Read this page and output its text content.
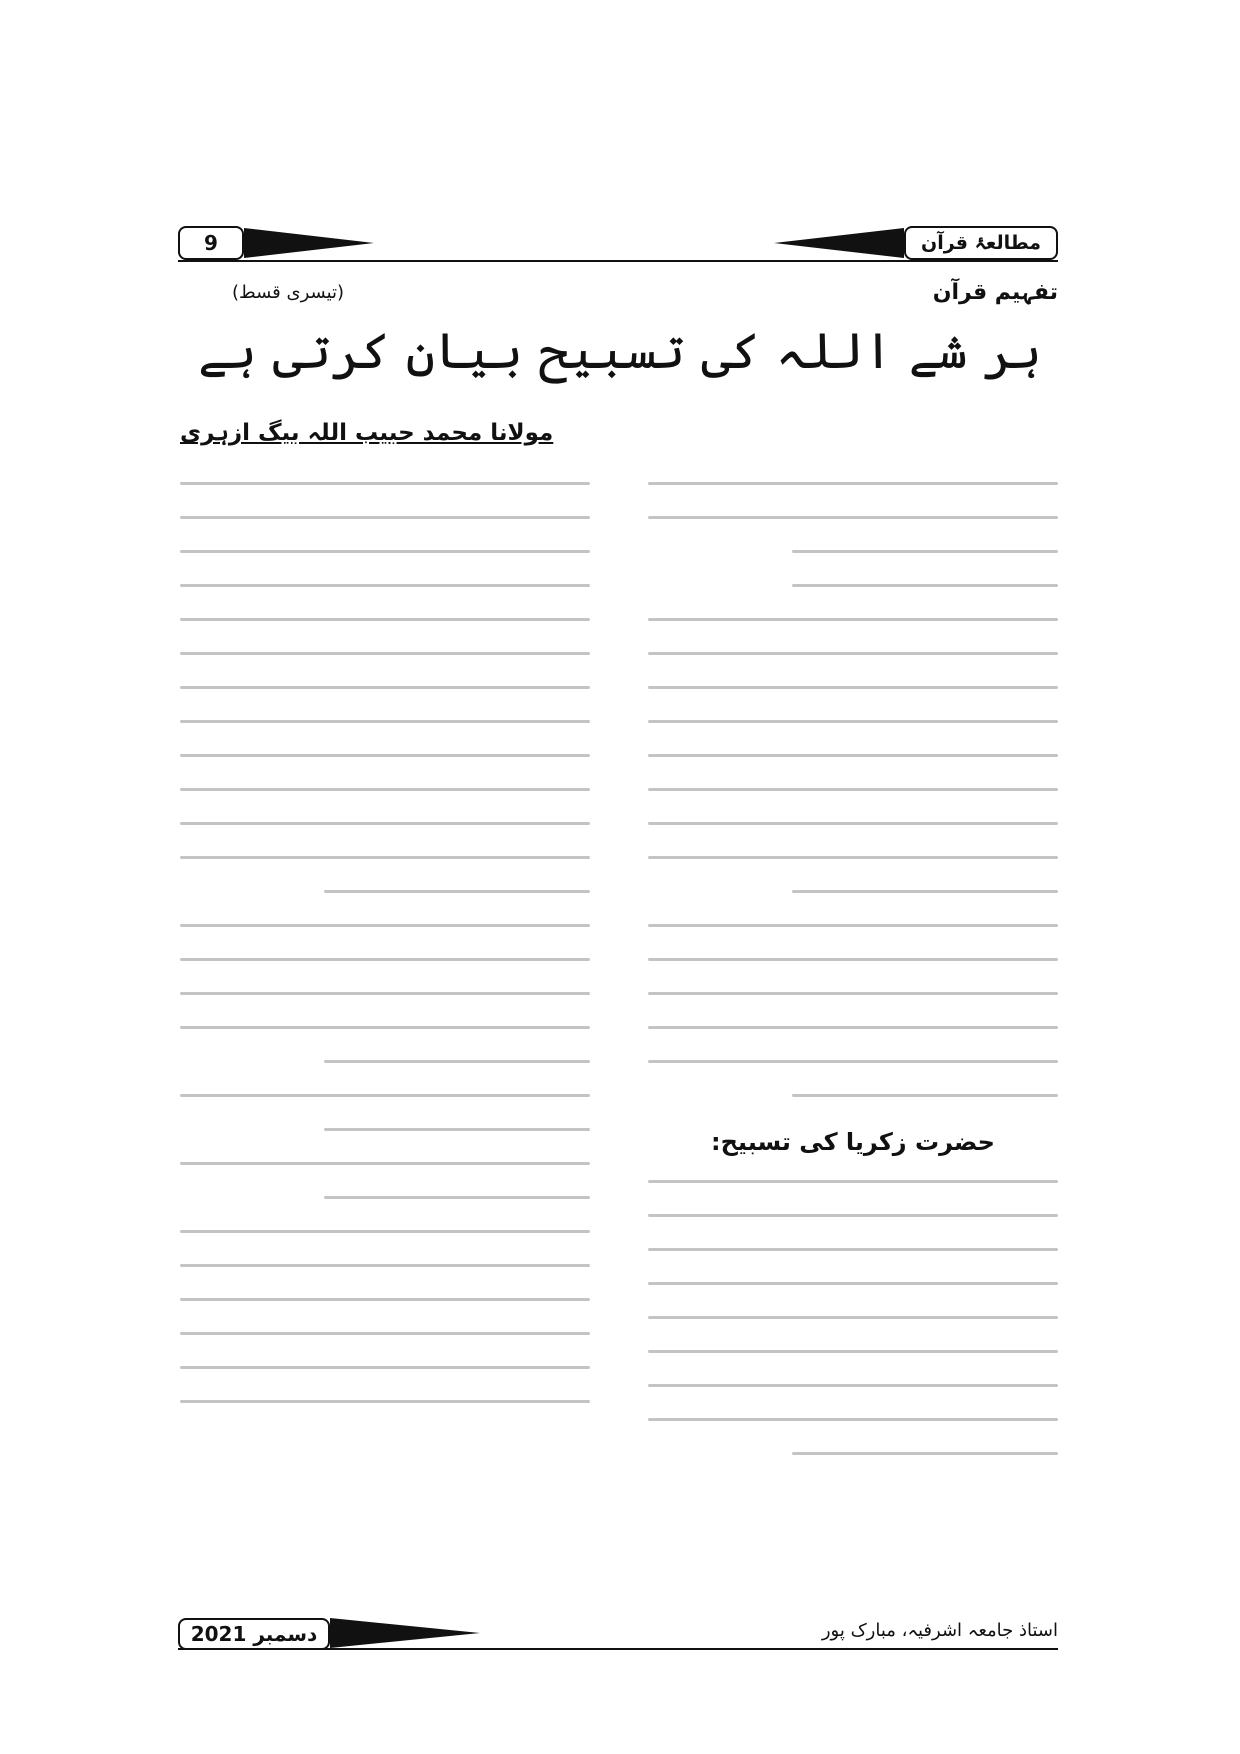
9	مطالعۂ قرآن
تفہیم قرآن
(تیسری قسط)
ہر شے اللہ کی تسبیح بیان کرتی ہے
مولانا محمد حبیب اللہ بیگ ازہری
حضرت زکریا کی تسبیح:
دسمبر 2021	استاذ جامعہ اشرفیہ، مبارک پور
